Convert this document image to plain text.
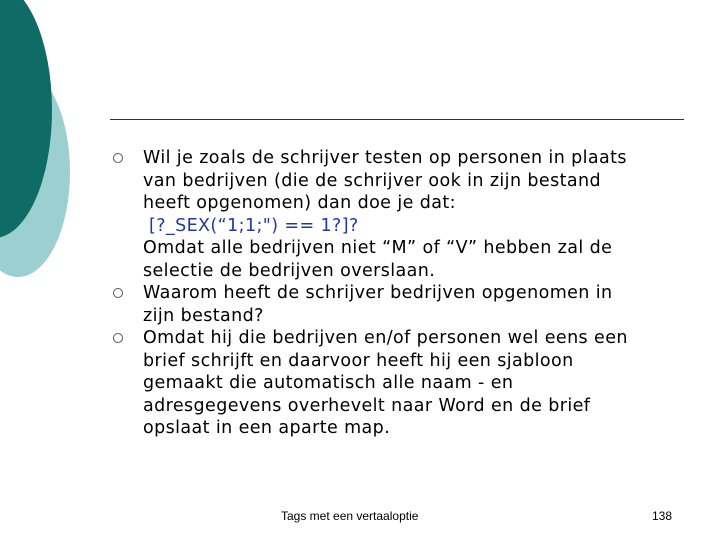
Wil je zoals de schrijver testen op personen in plaats
van bedrijven (die de schrijver ook in zijn bestand
heeft opgenomen) dan doe je dat:
[?_SEX(“1;1;") == 1?]?
Omdat alle bedrijven niet “M” of “V” hebben zal de
selectie de bedrijven overslaan.
Waarom heeft de schrijver bedrijven opgenomen in
zijn bestand?
Omdat hij die bedrijven en/of personen wel eens een
brief schrijft en daarvoor heeft hij een sjabloon
gemaakt die automatisch alle naam - en
adresgegevens overhevelt naar Word en de brief
opslaat in een aparte map.
Tags met een vertaaloptie	138
